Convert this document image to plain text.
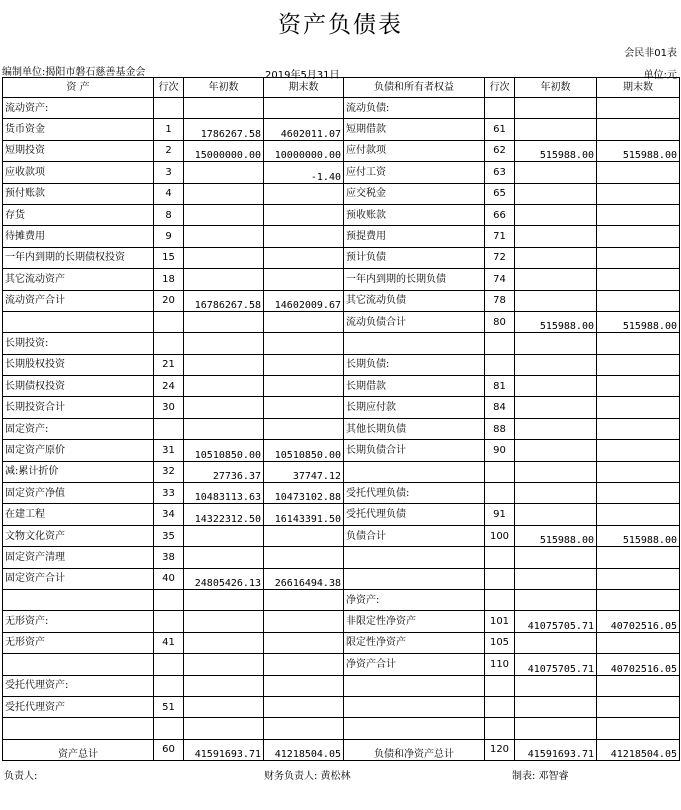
资产负债表
会民非01表
编制单位:揭阳市磐石慈善基金会	2019年5月31日	单位:元
资 产	行次	年初数	期末数	负债和所有者权益	行次	年初数	期末数
流动资产:				流动负债:			
货币资金	1	1786267.58	4602011.07	短期借款	61		
短期投资	2	15000000.00	10000000.00	应付款项	62	515988.00	515988.00
应收款项	3		-1.40	应付工资	63		
预付账款	4			应交税金	65		
存货	8			预收账款	66		
待摊费用	9			预提费用	71		
一年内到期的长期债权投资	15			预计负债	72		
其它流动资产	18			一年内到期的长期负债	74		
流动资产合计	20	16786267.58	14602009.67	其它流动负债	78		
				流动负债合计	80	515988.00	515988.00
长期投资:							
长期股权投资	21			长期负债:			
长期债权投资	24			长期借款	81		
长期投资合计	30			长期应付款	84		
固定资产:				其他长期负债	88		
固定资产原价	31	10510850.00	10510850.00	长期负债合计	90		
减:累计折价	32	27736.37	37747.12				
固定资产净值	33	10483113.63	10473102.88	受托代理负债:			
在建工程	34	14322312.50	16143391.50	受托代理负债	91		
文物文化资产	35			负债合计	100	515988.00	515988.00
固定资产清理	38						
固定资产合计	40	24805426.13	26616494.38				
				净资产:			
无形资产:				非限定性净资产	101	41075705.71	40702516.05
无形资产	41			限定性净资产	105		
				净资产合计	110	41075705.71	40702516.05
受托代理资产:							
受托代理资产	51						

资产总计	60	41591693.71	41218504.05	负债和净资产总计	120	41591693.71	41218504.05
负责人:	财务负责人: 黄松林	制表: 邓智睿
